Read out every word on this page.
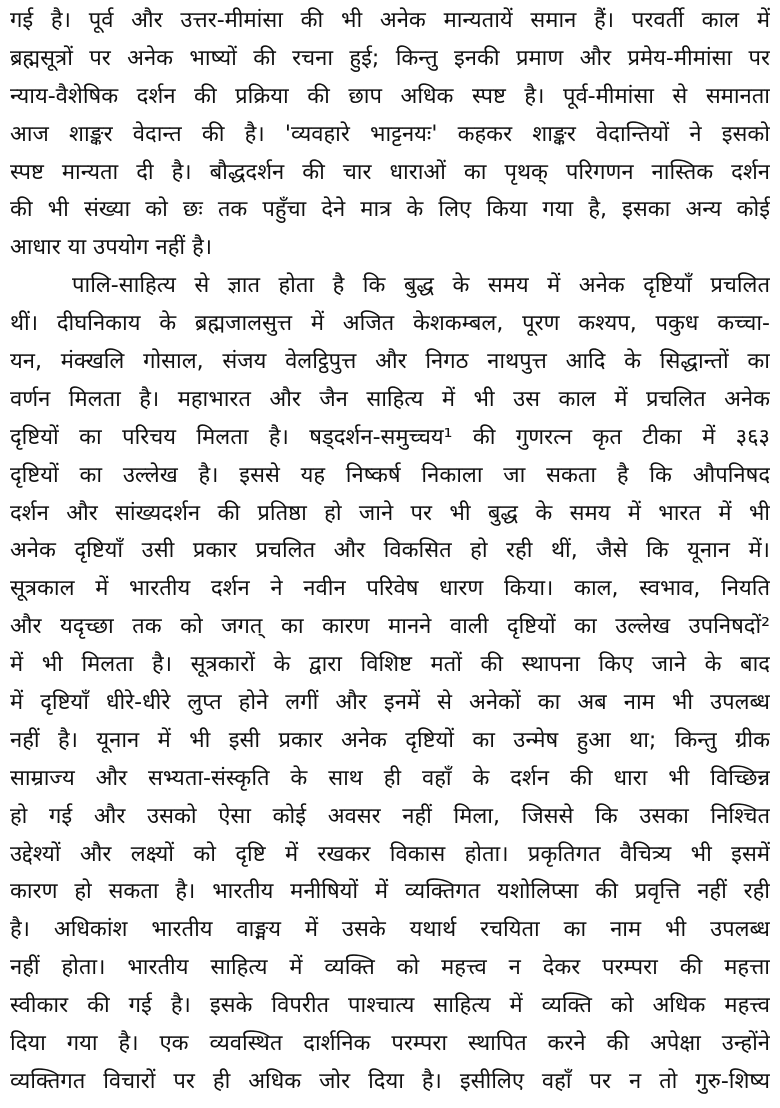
गई है। पूर्व और उत्तर-मीमांसा की भी अनेक मान्यतायें समान हैं। परवर्ती काल में
ब्रह्मसूत्रों पर अनेक भाष्यों की रचना हुई; किन्तु इनकी प्रमाण और प्रमेय-मीमांसा पर
न्याय-वैशेषिक दर्शन की प्रक्रिया की छाप अधिक स्पष्ट है। पूर्व-मीमांसा से समानता
आज शाङ्कर वेदान्त की है। 'व्यवहारे भाट्टनयः' कहकर शाङ्कर वेदान्तियों ने इसको
स्पष्ट मान्यता दी है। बौद्धदर्शन की चार धाराओं का पृथक् परिगणन नास्तिक दर्शन
की भी संख्या को छः तक पहुँचा देने मात्र के लिए किया गया है, इसका अन्य कोई
आधार या उपयोग नहीं है।
पालि-साहित्य से ज्ञात होता है कि बुद्ध के समय में अनेक दृष्टियाँ प्रचलित
थीं। दीघनिकाय के ब्रह्मजालसुत्त में अजित केशकम्बल, पूरण कश्यप, पकुध कच्चा-
यन, मंक्खलि गोसाल, संजय वेलट्ठिपुत्त और निगठ नाथपुत्त आदि के सिद्धान्तों का
वर्णन मिलता है। महाभारत और जैन साहित्य में भी उस काल में प्रचलित अनेक
दृष्टियों का परिचय मिलता है। षड्दर्शन-समुच्चय¹ की गुणरत्न कृत टीका में ३६३
दृष्टियों का उल्लेख है। इससे यह निष्कर्ष निकाला जा सकता है कि औपनिषद
दर्शन और सांख्यदर्शन की प्रतिष्ठा हो जाने पर भी बुद्ध के समय में भारत में भी
अनेक दृष्टियाँ उसी प्रकार प्रचलित और विकसित हो रही थीं, जैसे कि यूनान में।
सूत्रकाल में भारतीय दर्शन ने नवीन परिवेष धारण किया। काल, स्वभाव, नियति
और यदृच्छा तक को जगत् का कारण मानने वाली दृष्टियों का उल्लेख उपनिषदों²
में भी मिलता है। सूत्रकारों के द्वारा विशिष्ट मतों की स्थापना किए जाने के बाद
में दृष्टियाँ धीरे-धीरे लुप्त होने लगीं और इनमें से अनेकों का अब नाम भी उपलब्ध
नहीं है। यूनान में भी इसी प्रकार अनेक दृष्टियों का उन्मेष हुआ था; किन्तु ग्रीक
साम्राज्य और सभ्यता-संस्कृति के साथ ही वहाँ के दर्शन की धारा भी विच्छिन्न
हो गई और उसको ऐसा कोई अवसर नहीं मिला, जिससे कि उसका निश्चित
उद्देश्यों और लक्ष्यों को दृष्टि में रखकर विकास होता। प्रकृतिगत वैचित्र्य भी इसमें
कारण हो सकता है। भारतीय मनीषियों में व्यक्तिगत यशोलिप्सा की प्रवृत्ति नहीं रही
है। अधिकांश भारतीय वाङ्मय में उसके यथार्थ रचयिता का नाम भी उपलब्ध
नहीं होता। भारतीय साहित्य में व्यक्ति को महत्त्व न देकर परम्परा की महत्ता
स्वीकार की गई है। इसके विपरीत पाश्चात्य साहित्य में व्यक्ति को अधिक महत्त्व
दिया गया है। एक व्यवस्थित दार्शनिक परम्परा स्थापित करने की अपेक्षा उन्होंने
व्यक्तिगत विचारों पर ही अधिक जोर दिया है। इसीलिए वहाँ पर न तो गुरु-शिष्य
